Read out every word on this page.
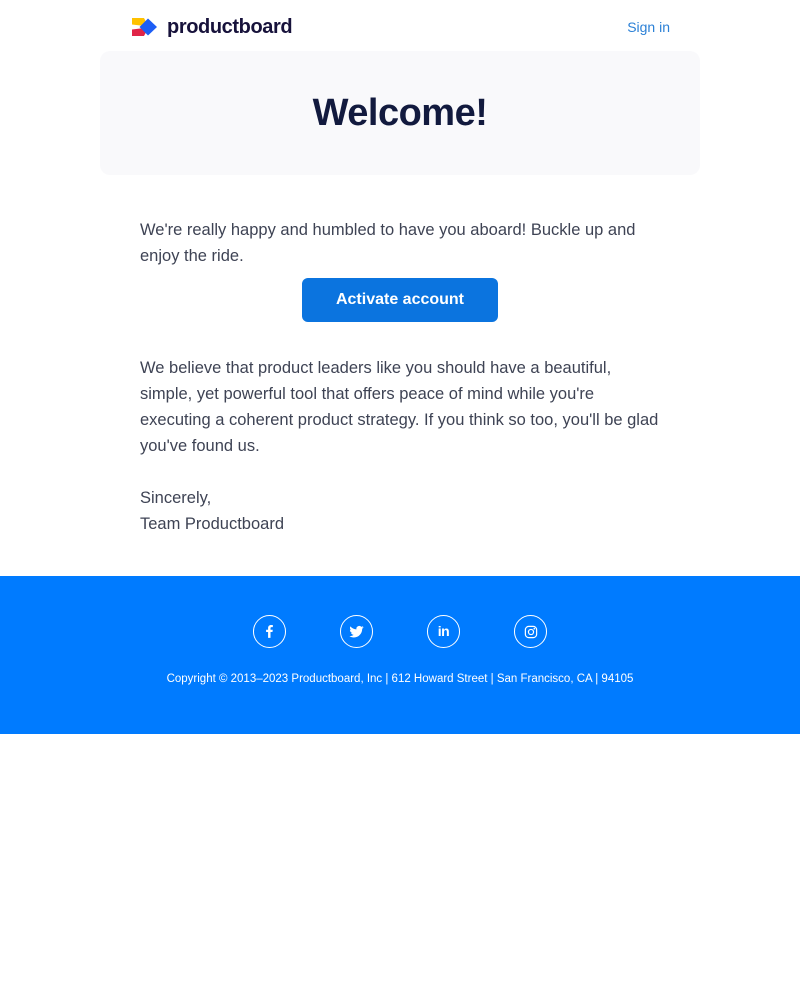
productboard	Sign in
Welcome!

We're really happy and humbled to have you aboard! Buckle up and enjoy the ride.

Activate account

We believe that product leaders like you should have a beautiful, simple, yet powerful tool that offers peace of mind while you're executing a coherent product strategy. If you think so too, you'll be glad you've found us.

Sincerely,

Team Productboard

in
Copyright © 2013–2023 Productboard, Inc | 612 Howard Street | San Francisco, CA | 94105
